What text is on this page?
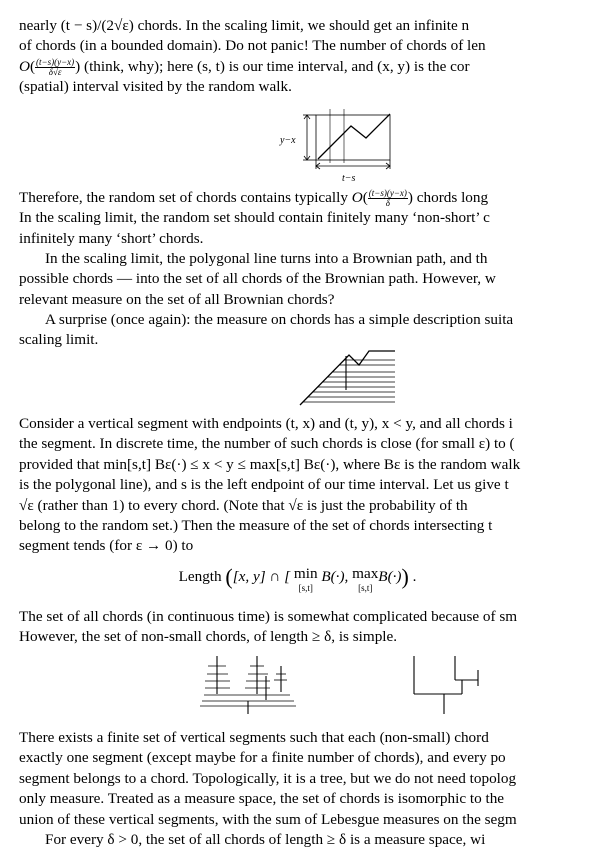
nearly (t − s)/(2√ε) chords. In the scaling limit, we should get an infinite n
of chords (in a bounded domain). Do not panic! The number of chords of len
$O( \frac{(t-s)(y-x)}{\delta√\varepsilon}$ ) (think, why); here (s, t) is our time interval, and (x, y) is the cor
(spatial) interval visited by the random walk.
y−x
t−s
Therefore, the random set of chords contains typically $O( \frac{(t-s)(y-x)}{\delta}$ ) chords long
In the scaling limit, the random set should contain finitely many ‘non-short’ c
infinitely many ‘short’ chords.
In the scaling limit, the polygonal line turns into a Brownian path, and th
possible chords — into the set of all chords of the Brownian path. However, w
relevant measure on the set of all Brownian chords?
A surprise (once again): the measure on chords has a simple description suita
scaling limit.
Consider a vertical segment with endpoints (t, x) and (t, y), x < y, and all chords i
the segment. In discrete time, the number of such chords is close (for small ε) to (
provided that min[s,t] Bε(·) ≤ x < y ≤ max[s,t] Bε(·), where Bε is the random walk
is the polygonal line), and s is the left endpoint of our time interval. Let us give t
√ε (rather than 1) to every chord. (Note that √ε is just the probability of th
belong to the random set.) Then the measure of the set of chords intersecting t
segment tends (for ε → 0) to
Length ([x, y] ∩ [ min
[s,t] B(·), max
[s,t]B(·)) .
The set of all chords (in continuous time) is somewhat complicated because of sm
However, the set of non-small chords, of length ≥ δ, is simple.
There exists a finite set of vertical segments such that each (non-small) chord
exactly one segment (except maybe for a finite number of chords), and every po
segment belongs to a chord. Topologically, it is a tree, but we do not need topolog
only measure. Treated as a measure space, the set of chords is isomorphic to the
union of these vertical segments, with the sum of Lebesgue measures on the segm
For every δ > 0, the set of all chords of length ≥ δ is a measure space, wi
